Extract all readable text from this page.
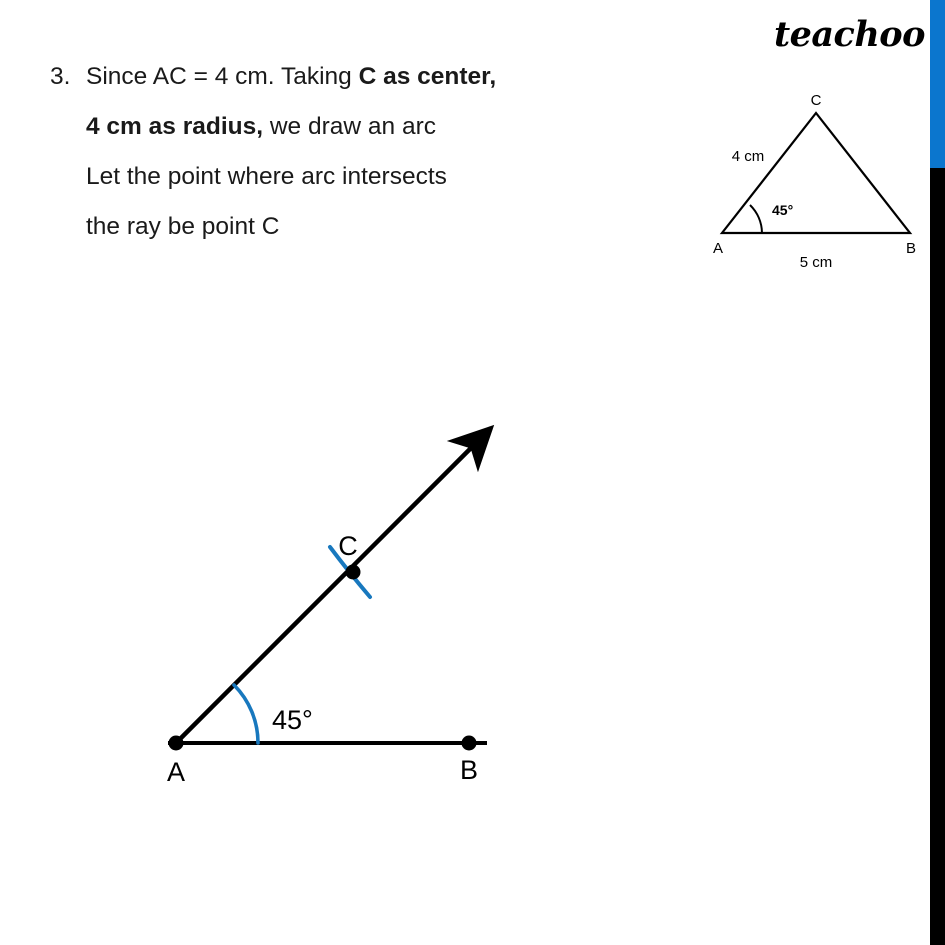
teachoo
3. Since AC = 4 cm. Taking C as center,
4 cm as radius, we draw an arc
Let the point where arc intersects
the ray be point C
C
A	B
4 cm
5 cm
45°
A	B
C
45°
